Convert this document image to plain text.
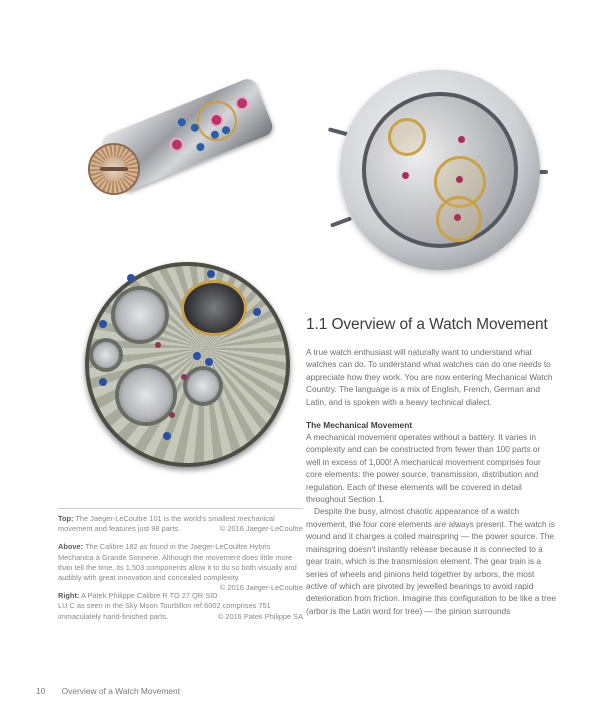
Top: The Jaeger-LeCoultre 101 is the world's smallest mechanical movement and features just 98 parts.	© 2016 Jaeger-LeCoultre

Above: The Calibre 182 as found in the Jaeger-LeCoultre Hybris Mechanica à Grande Sonnerie. Although the movement does little more than tell the time, its 1,503 components allow it to do so both visually and audibly with great innovation and concealed complexity.
© 2016 Jaeger-LeCoultre

Right: A Patek Philippe Calibre R TO 27 QR SID LU C as seen in the Sky Moon Tourbillon ref.6002 comprises 751 immaculately hand-finished parts.	© 2016 Patek Philippe SA

1.1 Overview of a Watch Movement

A true watch enthusiast will naturally want to understand what watches can do. To understand what watches can do one needs to appreciate how they work. You are now entering Mechanical Watch Country. The language is a mix of English, French, German and Latin, and is spoken with a heavy technical dialect.

The Mechanical Movement

A mechanical movement operates without a battery. It varies in complexity and can be constructed from fewer than 100 parts or well in excess of 1,000! A mechanical movement comprises four core elements: the power source, transmission, distribution and regulation. Each of these elements will be covered in detail throughout Section 1.

Despite the busy, almost chaotic appearance of a watch movement, the four core elements are always present. The watch is wound and it charges a coiled mainspring — the power source. The mainspring doesn't instantly release because it is connected to a gear train, which is the transmission element. The gear train is a series of wheels and pinions held together by arbors, the most active of which are pivoted by jewelled bearings to avoid rapid deterioration from friction. Imagine this configuration to be like a tree (arbor is the Latin word for tree) — the pinion surrounds

10 Overview of a Watch Movement
